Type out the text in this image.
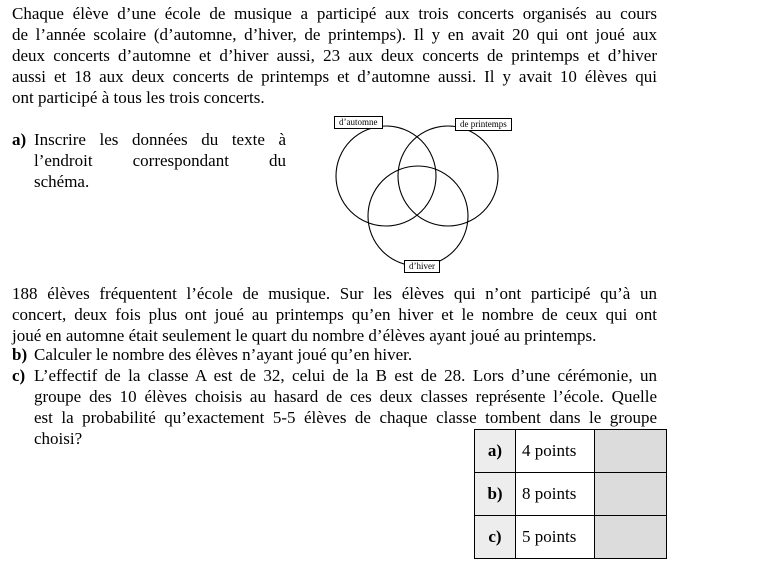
Chaque élève d’une école de musique a participé aux trois concerts organisés au cours
de l’année scolaire (d’automne, d’hiver, de printemps). Il y en avait 20 qui ont joué aux
deux concerts d’automne et d’hiver aussi, 23 aux deux concerts de printemps et d’hiver
aussi et 18 aux deux concerts de printemps et d’automne aussi. Il y avait 10 élèves qui
ont participé à tous les trois concerts.
a) Inscrire les données du texte à
l’endroit correspondant du
schéma.
d’automne	de printemps
d’hiver
188 élèves fréquentent l’école de musique. Sur les élèves qui n’ont participé qu’à un
concert, deux fois plus ont joué au printemps qu’en hiver et le nombre de ceux qui ont
joué en automne était seulement le quart du nombre d’élèves ayant joué au printemps.
b) Calculer le nombre des élèves n’ayant joué qu’en hiver.
c) L’effectif de la classe A est de 32, celui de la B est de 28. Lors d’une cérémonie, un
groupe des 10 élèves choisis au hasard de ces deux classes représente l’école. Quelle
est la probabilité qu’exactement 5-5 élèves de chaque classe tombent dans le groupe
choisi?
a)	4 points	
b)	8 points	
c)	5 points	
